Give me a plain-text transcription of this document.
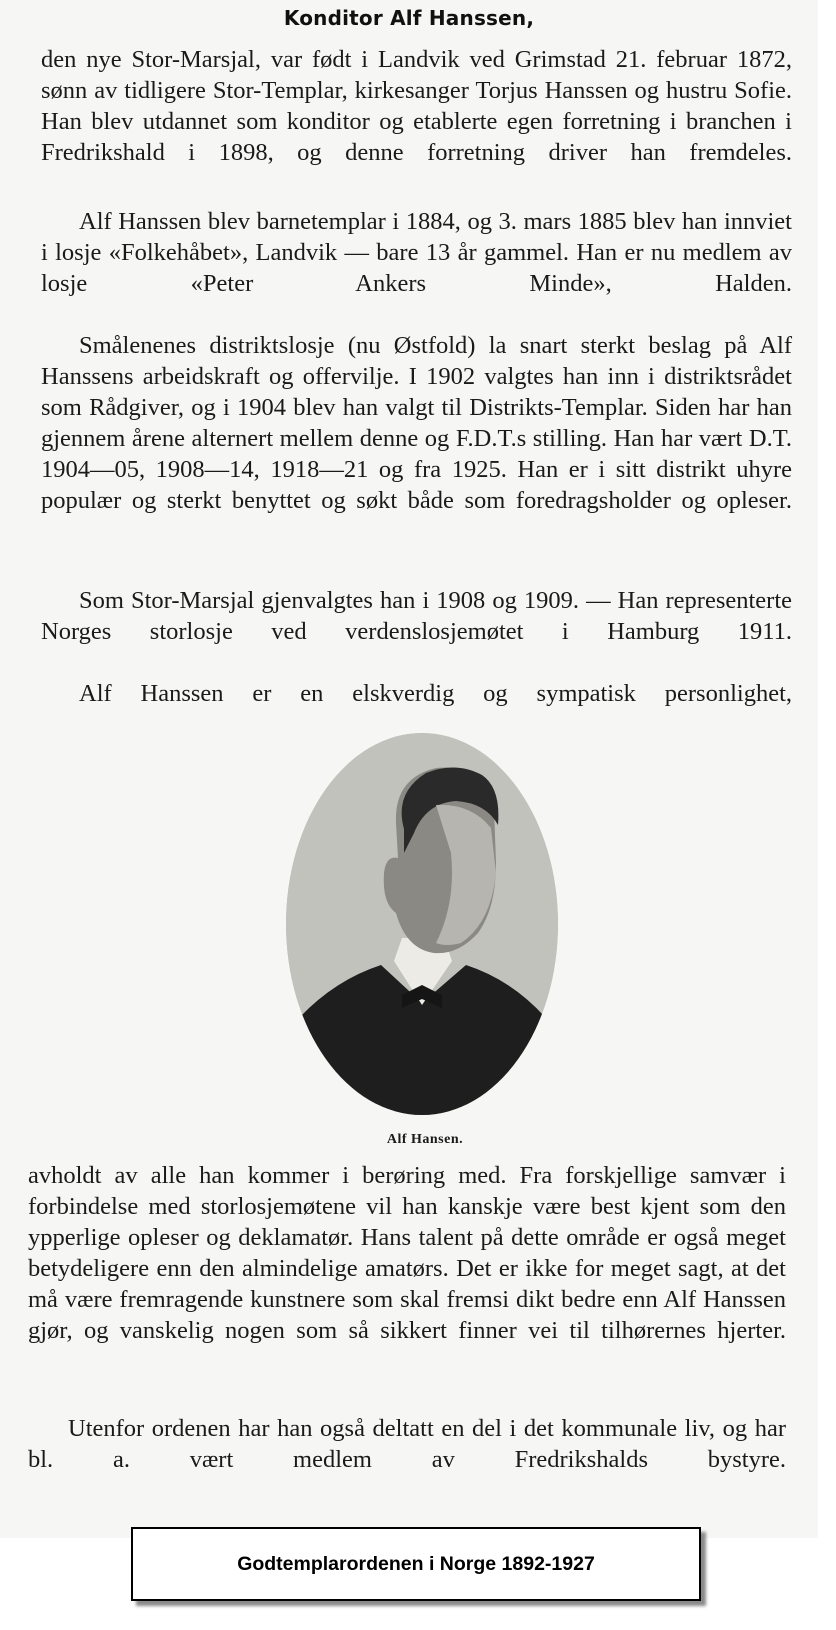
Konditor Alf Hanssen,
den nye Stor-Marsjal, var født i Landvik ved Grimstad 21. februar 1872, sønn av tidligere Stor-Templar, kirkesanger Torjus Hanssen og hustru Sofie. Han blev utdannet som konditor og etablerte egen forretning i branchen i Fredrikshald i 1898, og denne forretning driver han fremdeles.
Alf Hanssen blev barnetemplar i 1884, og 3. mars 1885 blev han innviet i losje «Folkehåbet», Landvik — bare 13 år gammel. Han er nu medlem av losje «Peter Ankers Minde», Halden.
Smålenenes distriktslosje (nu Østfold) la snart sterkt beslag på Alf Hanssens arbeidskraft og offervilje. I 1902 valgtes han inn i distriktsrådet som Rådgiver, og i 1904 blev han valgt til Distrikts-Templar. Siden har han gjennem årene alternert mellem denne og F.D.T.s stilling. Han har vært D.T. 1904—05, 1908—14, 1918—21 og fra 1925. Han er i sitt distrikt uhyre populær og sterkt benyttet og søkt både som foredragsholder og opleser.
Som Stor-Marsjal gjenvalgtes han i 1908 og 1909. — Han representerte Norges storlosje ved verdenslosjemøtet i Hamburg 1911.
Alf Hanssen er en elskverdig og sympatisk personlighet,
Alf Hansen.
avholdt av alle han kommer i berøring med. Fra forskjellige samvær i forbindelse med storlosjemøtene vil han kanskje være best kjent som den ypperlige opleser og deklamatør. Hans talent på dette område er også meget betydeligere enn den almindelige amatørs. Det er ikke for meget sagt, at det må være fremragende kunstnere som skal fremsi dikt bedre enn Alf Hanssen gjør, og vanskelig nogen som så sikkert finner vei til tilhørernes hjerter.
Utenfor ordenen har han også deltatt en del i det kommunale liv, og har bl. a. vært medlem av Fredrikshalds bystyre.
Godtemplarordenen i Norge 1892-1927
